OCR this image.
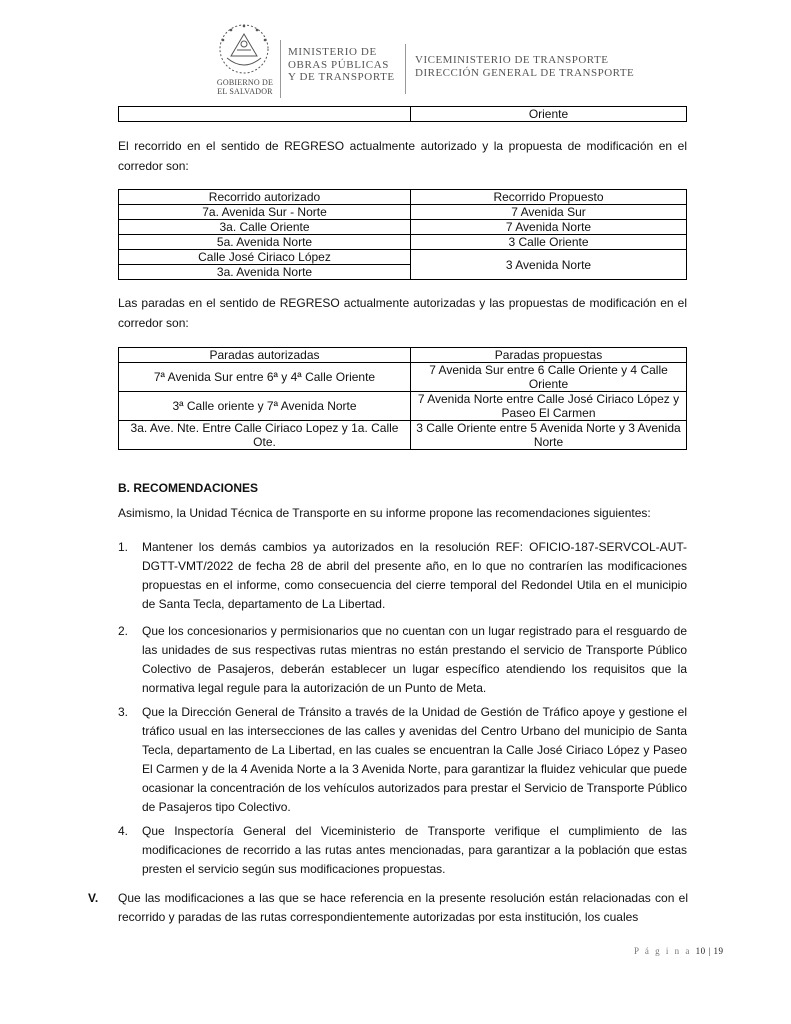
GOBIERNO DE
EL SALVADOR
MINISTERIO DE
OBRAS PÚBLICAS
Y DE TRANSPORTE
VICEMINISTERIO DE TRANSPORTE
DIRECCIÓN GENERAL DE TRANSPORTE
	Oriente
El recorrido en el sentido de REGRESO actualmente autorizado y la propuesta de modificación en el corredor son:
Recorrido autorizado	Recorrido Propuesto
7a. Avenida Sur - Norte	7 Avenida Sur
3a. Calle Oriente	7 Avenida Norte
5a. Avenida Norte	3 Calle Oriente
Calle José Ciriaco López	3 Avenida Norte
3a. Avenida Norte	
Las paradas en el sentido de REGRESO actualmente autorizadas y las propuestas de modificación en el corredor son:
Paradas autorizadas	Paradas propuestas
7ª Avenida Sur entre 6ª y 4ª Calle Oriente	7 Avenida Sur entre 6 Calle Oriente y 4 Calle Oriente
3ª Calle oriente y 7ª Avenida Norte	7 Avenida Norte entre Calle José Ciriaco López y Paseo El Carmen
3a. Ave. Nte. Entre Calle Ciriaco Lopez y 1a. Calle Ote.	3 Calle Oriente entre 5 Avenida Norte y 3 Avenida Norte
B. RECOMENDACIONES
Asimismo, la Unidad Técnica de Transporte en su informe propone las recomendaciones siguientes:
1. Mantener los demás cambios ya autorizados en la resolución REF: OFICIO-187-SERVCOL-AUT-DGTT-VMT/2022 de fecha 28 de abril del presente año, en lo que no contraríen las modificaciones propuestas en el informe, como consecuencia del cierre temporal del Redondel Utila en el municipio de Santa Tecla, departamento de La Libertad.
2. Que los concesionarios y permisionarios que no cuentan con un lugar registrado para el resguardo de las unidades de sus respectivas rutas mientras no están prestando el servicio de Transporte Público Colectivo de Pasajeros, deberán establecer un lugar específico atendiendo los requisitos que la normativa legal regule para la autorización de un Punto de Meta.
3. Que la Dirección General de Tránsito a través de la Unidad de Gestión de Tráfico apoye y gestione el tráfico usual en las intersecciones de las calles y avenidas del Centro Urbano del municipio de Santa Tecla, departamento de La Libertad, en las cuales se encuentran la Calle José Ciriaco López y Paseo El Carmen y de la 4 Avenida Norte a la 3 Avenida Norte, para garantizar la fluidez vehicular que puede ocasionar la concentración de los vehículos autorizados para prestar el Servicio de Transporte Público de Pasajeros tipo Colectivo.
4. Que Inspectoría General del Viceministerio de Transporte verifique el cumplimiento de las modificaciones de recorrido a las rutas antes mencionadas, para garantizar a la población que estas presten el servicio según sus modificaciones propuestas.
V. Que las modificaciones a las que se hace referencia en la presente resolución están relacionadas con el recorrido y paradas de las rutas correspondientemente autorizadas por esta institución, los cuales
P á g i n a 10 | 19
